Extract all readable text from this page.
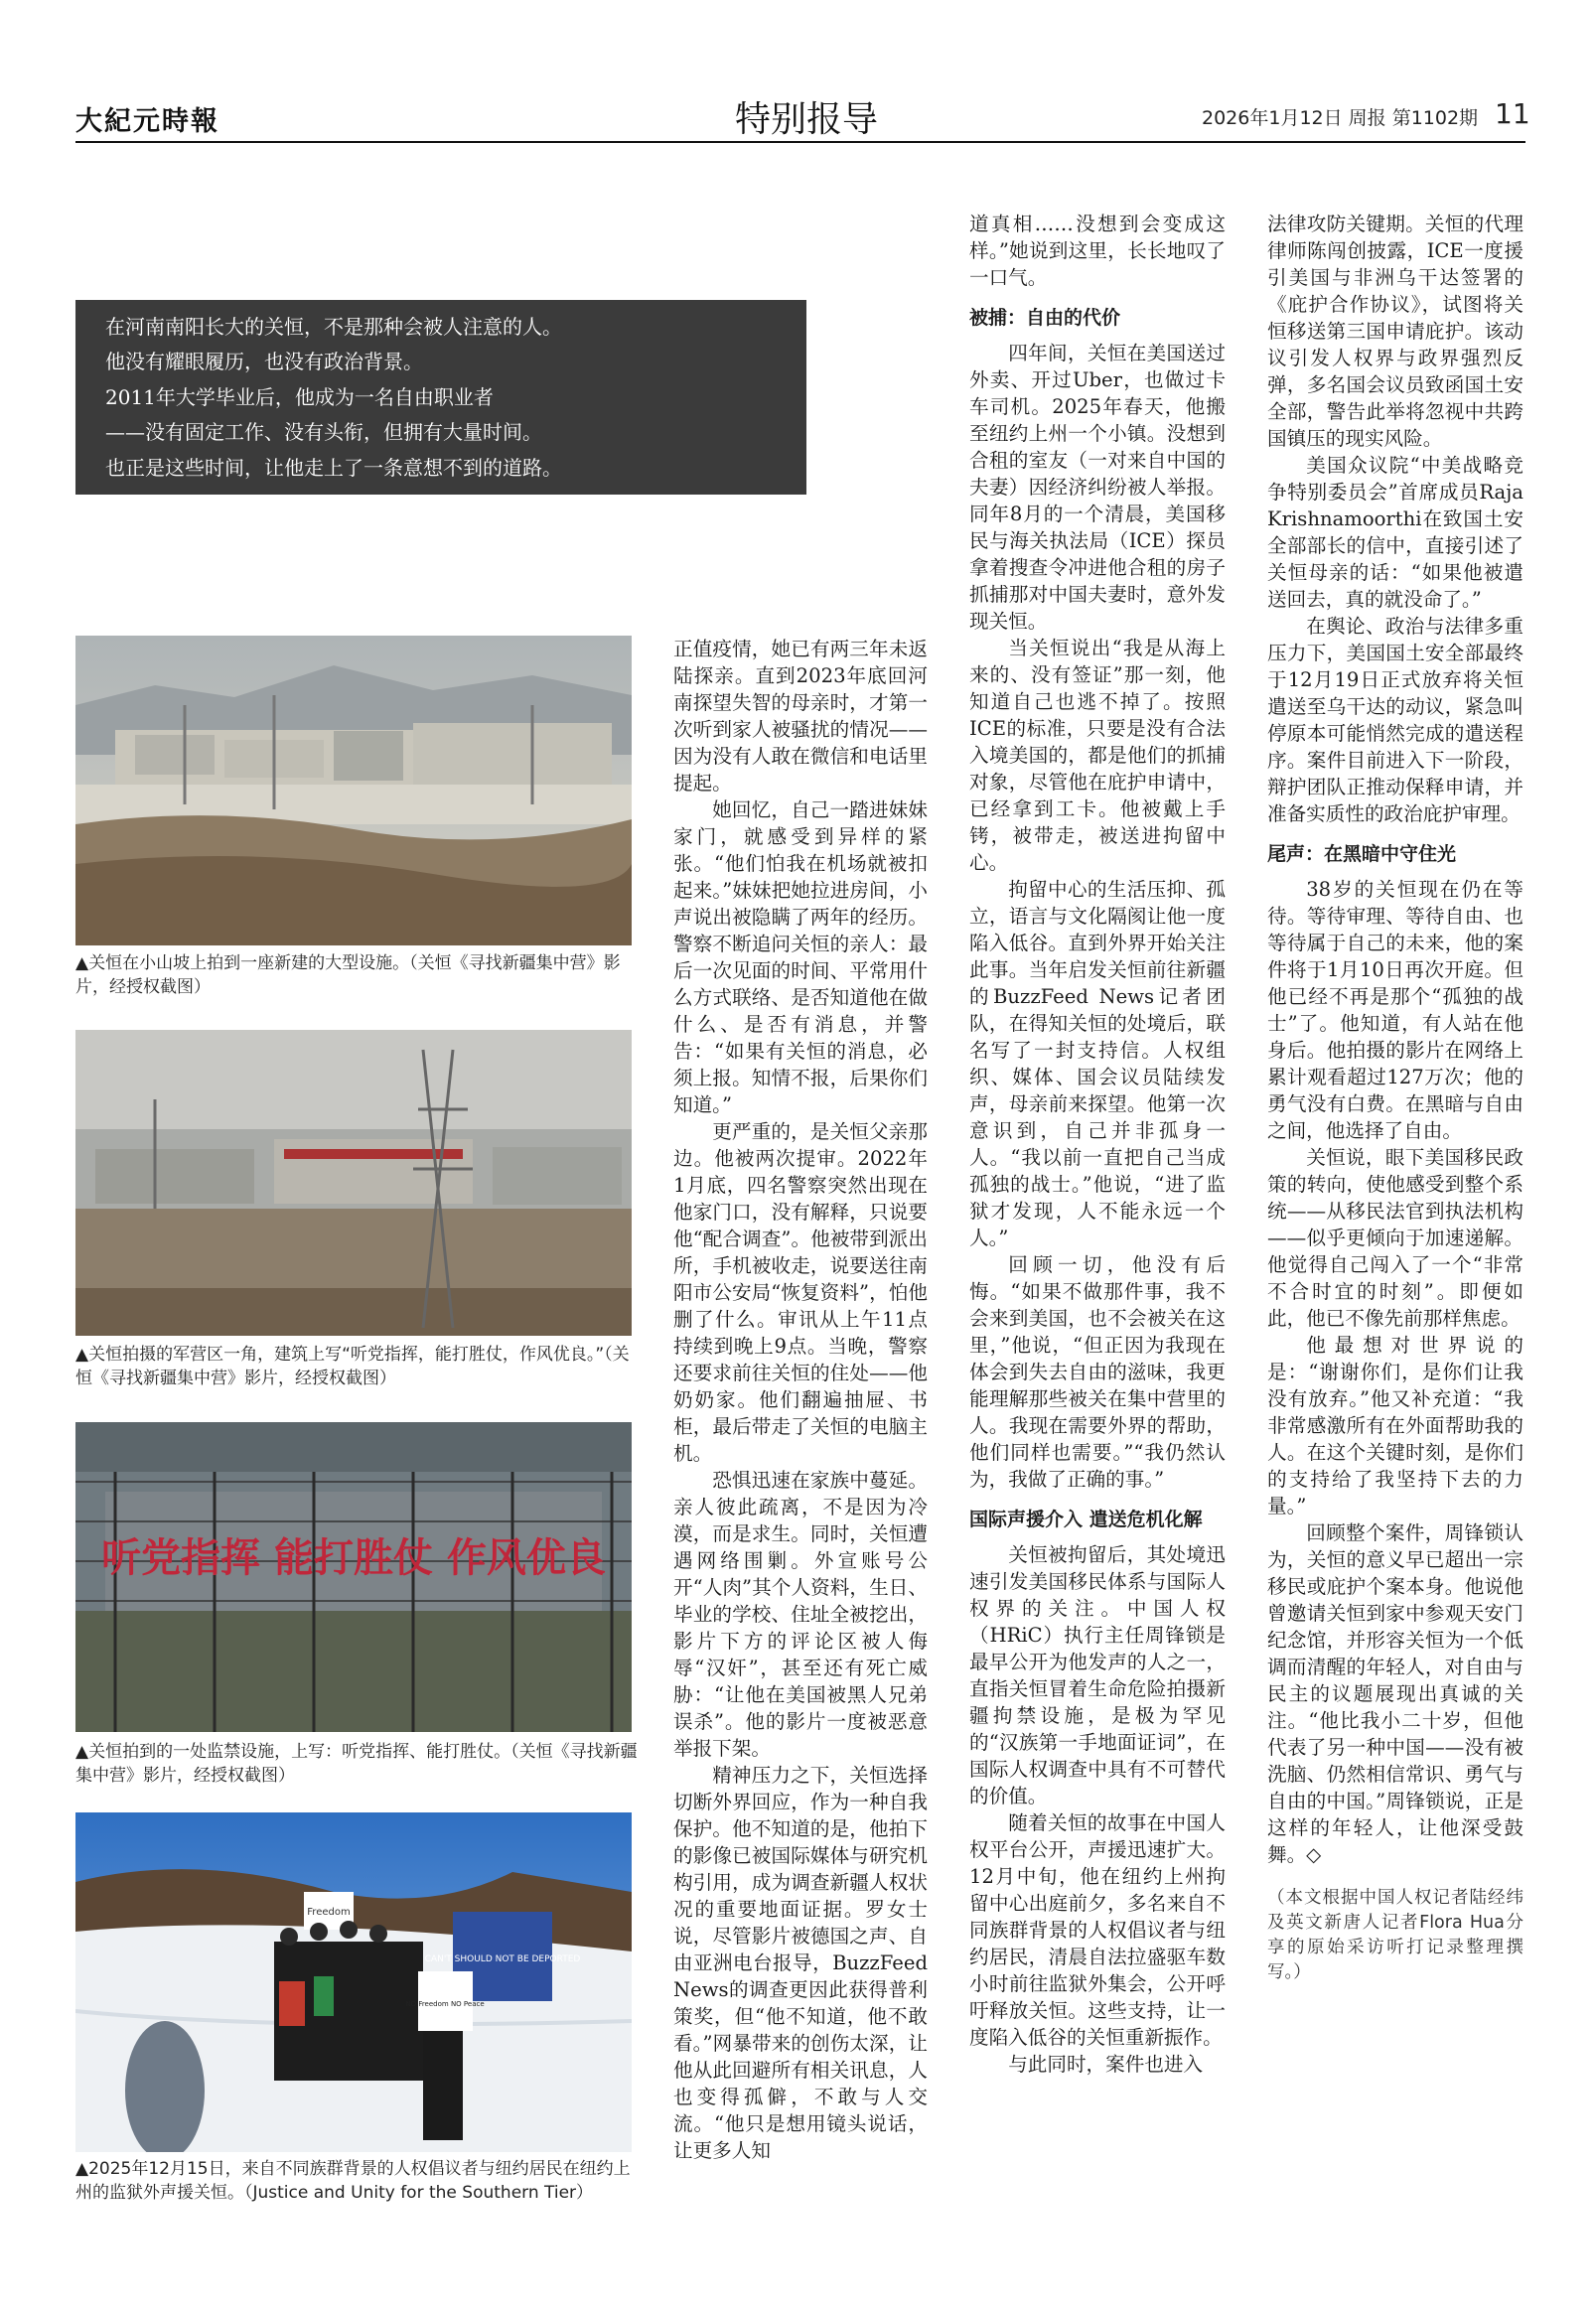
大紀元時報	特别报导	2026年1月12日 周报 第1102期 11
在河南南阳长大的关恒，不是那种会被人注意的人。
他没有耀眼履历，也没有政治背景。
2011年大学毕业后，他成为一名自由职业者
——没有固定工作、没有头衔，但拥有大量时间。
也正是这些时间，让他走上了一条意想不到的道路。
▲关恒在小山坡上拍到一座新建的大型设施。（关恒《寻找新疆集中营》影片，经授权截图）
▲关恒拍摄的军营区一角，建筑上写“听党指挥，能打胜仗，作风优良。”（关恒《寻找新疆集中营》影片，经授权截图）
听党指挥 能打胜仗 作风优良
▲关恒拍到的一处监禁设施，上写：听党指挥、能打胜仗。（关恒《寻找新疆集中营》影片，经授权截图）
Freedom
CAN'T SHOULD NOT BE DEPORTED
NO Freedom NO Peace
▲2025年12月15日，来自不同族群背景的人权倡议者与纽约居民在纽约上州的监狱外声援关恒。（Justice and Unity for the Southern Tier）

正值疫情，她已有两三年未返陆探亲。直到2023年底回河南探望失智的母亲时，才第一次听到家人被骚扰的情况——因为没有人敢在微信和电话里提起。

她回忆，自己一踏进妹妹家门，就感受到异样的紧张。“他们怕我在机场就被扣起来。”妹妹把她拉进房间，小声说出被隐瞒了两年的经历。警察不断追问关恒的亲人：最后一次见面的时间、平常用什么方式联络、是否知道他在做什么、是否有消息，并警告：“如果有关恒的消息，必须上报。知情不报，后果你们知道。”

更严重的，是关恒父亲那边。他被两次提审。2022年1月底，四名警察突然出现在他家门口，没有解释，只说要他“配合调查”。他被带到派出所，手机被收走，说要送往南阳市公安局“恢复资料”，怕他删了什么。审讯从上午11点持续到晚上9点。当晚，警察还要求前往关恒的住处——他奶奶家。他们翻遍抽屉、书柜，最后带走了关恒的电脑主机。

恐惧迅速在家族中蔓延。亲人彼此疏离，不是因为冷漠，而是求生。同时，关恒遭遇网络围剿。外宣账号公开“人肉”其个人资料，生日、毕业的学校、住址全被挖出，影片下方的评论区被人侮辱“汉奸”，甚至还有死亡威胁：“让他在美国被黑人兄弟误杀”。他的影片一度被恶意举报下架。

精神压力之下，关恒选择切断外界回应，作为一种自我保护。他不知道的是，他拍下的影像已被国际媒体与研究机构引用，成为调查新疆人权状况的重要地面证据。罗女士说，尽管影片被德国之声、自由亚洲电台报导，BuzzFeed News的调查更因此获得普利策奖，但“他不知道，他不敢看。”网暴带来的创伤太深，让他从此回避所有相关讯息，人也变得孤僻，不敢与人交流。“他只是想用镜头说话，让更多人知

道真相……没想到会变成这样。”她说到这里，长长地叹了一口气。

被捕：自由的代价

四年间，关恒在美国送过外卖、开过Uber，也做过卡车司机。2025年春天，他搬至纽约上州一个小镇。没想到合租的室友（一对来自中国的夫妻）因经济纠纷被人举报。同年8月的一个清晨，美国移民与海关执法局（ICE）探员拿着搜查令冲进他合租的房子抓捕那对中国夫妻时，意外发现关恒。

当关恒说出“我是从海上来的、没有签证”那一刻，他知道自己也逃不掉了。按照ICE的标准，只要是没有合法入境美国的，都是他们的抓捕对象，尽管他在庇护申请中，已经拿到工卡。他被戴上手铐，被带走，被送进拘留中心。

拘留中心的生活压抑、孤立，语言与文化隔阂让他一度陷入低谷。直到外界开始关注此事。当年启发关恒前往新疆的BuzzFeed News记者团队，在得知关恒的处境后，联名写了一封支持信。人权组织、媒体、国会议员陆续发声，母亲前来探望。他第一次意识到，自己并非孤身一人。“我以前一直把自己当成孤独的战士。”他说，“进了监狱才发现，人不能永远一个人。”

回顾一切，他没有后悔。“如果不做那件事，我不会来到美国，也不会被关在这里，”他说，“但正因为我现在体会到失去自由的滋味，我更能理解那些被关在集中营里的人。我现在需要外界的帮助，他们同样也需要。”“我仍然认为，我做了正确的事。”

国际声援介入 遣送危机化解

关恒被拘留后，其处境迅速引发美国移民体系与国际人权界的关注。中国人权（HRiC）执行主任周锋锁是最早公开为他发声的人之一，直指关恒冒着生命危险拍摄新疆拘禁设施，是极为罕见的“汉族第一手地面证词”，在国际人权调查中具有不可替代的价值。

随着关恒的故事在中国人权平台公开，声援迅速扩大。12月中旬，他在纽约上州拘留中心出庭前夕，多名来自不同族群背景的人权倡议者与纽约居民，清晨自法拉盛驱车数小时前往监狱外集会，公开呼吁释放关恒。这些支持，让一度陷入低谷的关恒重新振作。

与此同时，案件也进入

法律攻防关键期。关恒的代理律师陈闯创披露，ICE一度援引美国与非洲乌干达签署的《庇护合作协议》，试图将关恒移送第三国申请庇护。该动议引发人权界与政界强烈反弹，多名国会议员致函国土安全部，警告此举将忽视中共跨国镇压的现实风险。

美国众议院“中美战略竞争特别委员会”首席成员Raja Krishnamoorthi在致国土安全部部长的信中，直接引述了关恒母亲的话：“如果他被遣送回去，真的就没命了。”

在舆论、政治与法律多重压力下，美国国土安全部最终于12月19日正式放弃将关恒遣送至乌干达的动议，紧急叫停原本可能悄然完成的遣送程序。案件目前进入下一阶段，辩护团队正推动保释申请，并准备实质性的政治庇护审理。

尾声：在黑暗中守住光

38岁的关恒现在仍在等待。等待审理、等待自由、也等待属于自己的未来，他的案件将于1月10日再次开庭。但他已经不再是那个“孤独的战士”了。他知道，有人站在他身后。他拍摄的影片在网络上累计观看超过127万次；他的勇气没有白费。在黑暗与自由之间，他选择了自由。

关恒说，眼下美国移民政策的转向，使他感受到整个系统——从移民法官到执法机构——似乎更倾向于加速递解。他觉得自己闯入了一个“非常不合时宜的时刻”。即便如此，他已不像先前那样焦虑。

他最想对世界说的是：“谢谢你们，是你们让我没有放弃。”他又补充道：“我非常感激所有在外面帮助我的人。在这个关键时刻，是你们的支持给了我坚持下去的力量。”

回顾整个案件，周锋锁认为，关恒的意义早已超出一宗移民或庇护个案本身。他说他曾邀请关恒到家中参观天安门纪念馆，并形容关恒为一个低调而清醒的年轻人，对自由与民主的议题展现出真诚的关注。“他比我小二十岁，但他代表了另一种中国——没有被洗脑、仍然相信常识、勇气与自由的中国。”周锋锁说，正是这样的年轻人，让他深受鼓舞。◇

（本文根据中国人权记者陆经纬及英文新唐人记者Flora Hua分享的原始采访听打记录整理撰写。）
